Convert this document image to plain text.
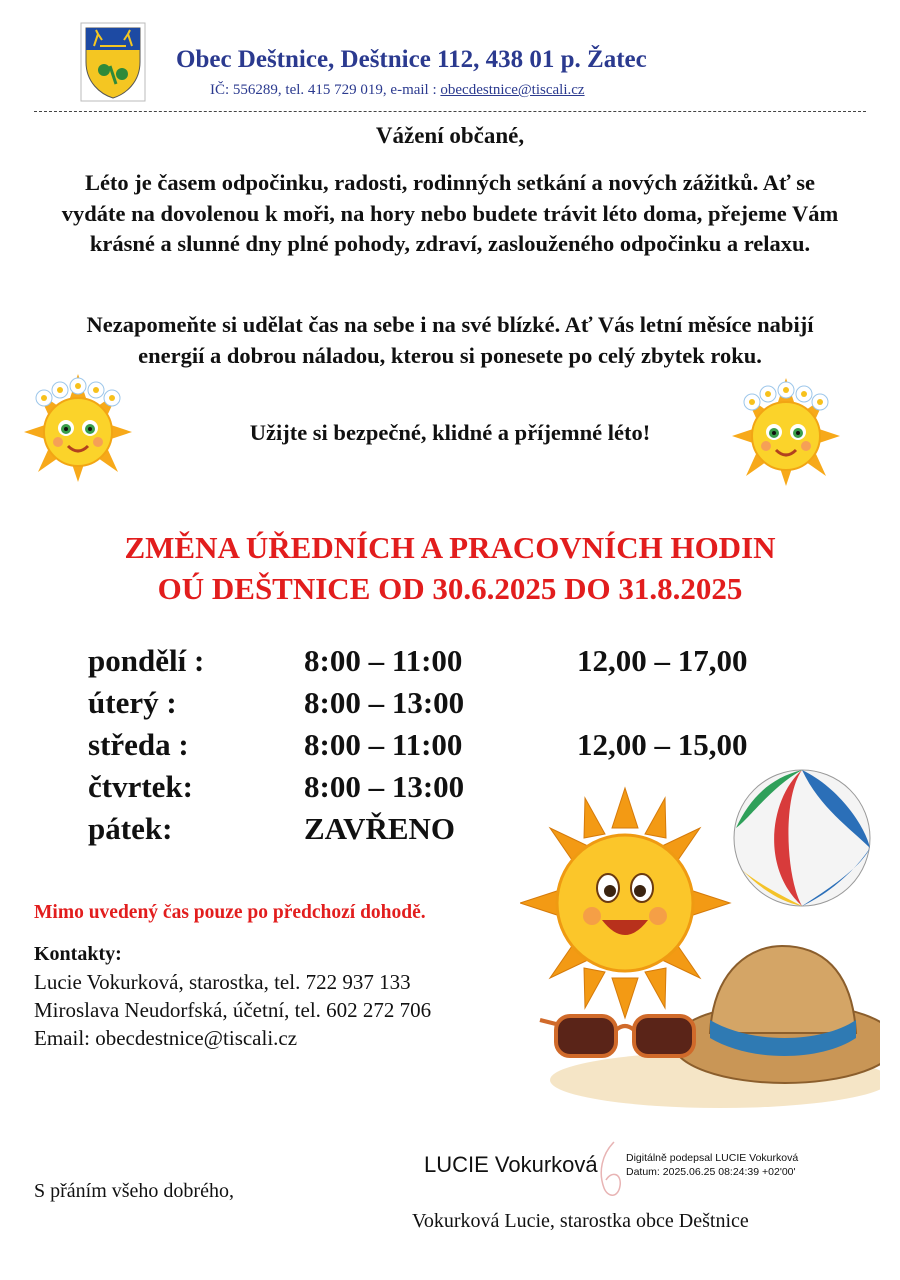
Obec Deštnice, Deštnice 112, 438 01 p. Žatec
IČ: 556289, tel. 415 729 019, e-mail : obecdestnice@tiscali.cz
Vážení občané,
Léto je časem odpočinku, radosti, rodinných setkání a nových zážitků. Ať se vydáte na dovolenou k moři, na hory nebo budete trávit léto doma, přejeme Vám krásné a slunné dny plné pohody, zdraví, zaslouženého odpočinku a relaxu.
Nezapomeňte si udělat čas na sebe i na své blízké. Ať Vás letní měsíce nabijí energií a dobrou náladou, kterou si ponesete po celý zbytek roku.
Užijte si bezpečné, klidné a příjemné léto!
ZMĚNA ÚŘEDNÍCH A PRACOVNÍCH HODIN
OÚ DEŠTNICE OD 30.6.2025 DO 31.8.2025
pondělí :	8:00 – 11:00	12,00 – 17,00
úterý :	8:00 – 13:00
středa :	8:00 – 11:00	12,00 – 15,00
čtvrtek:	8:00 – 13:00
pátek:	ZAVŘENO
Mimo uvedený čas pouze po předchozí dohodě.
Kontakty:
Lucie Vokurková, starostka, tel. 722 937 133
Miroslava Neudorfská, účetní, tel. 602 272 706
Email: obecdestnice@tiscali.cz
S přáním všeho dobrého,
LUCIE Vokurková	Digitálně podepsal LUCIE Vokurková
Datum: 2025.06.25 08:24:39 +02'00'
Vokurková Lucie, starostka obce Deštnice
